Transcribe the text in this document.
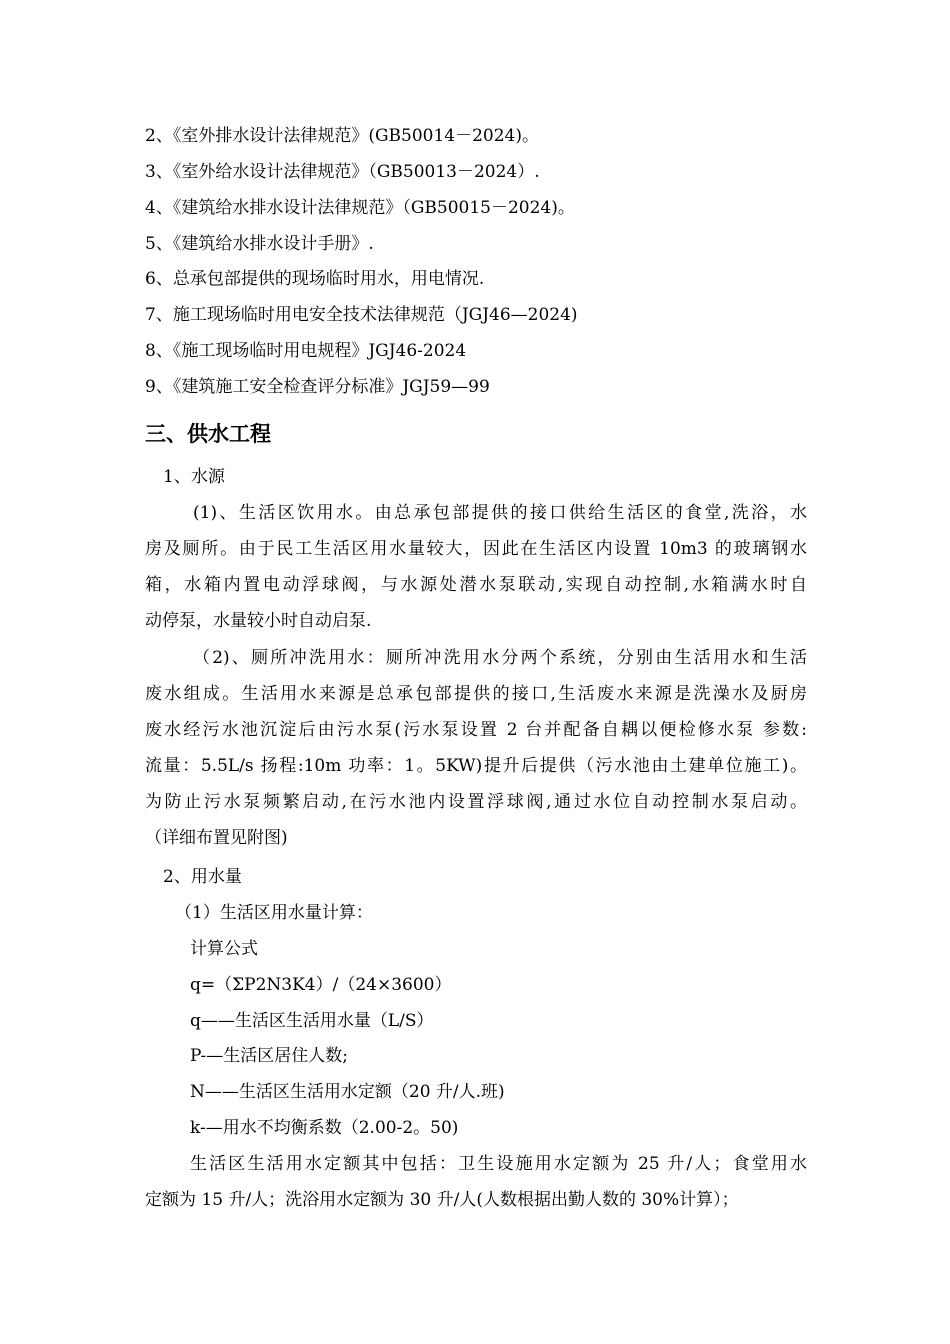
2、《室外排水设计法律规范》(GB50014－2024)。
3、《室外给水设计法律规范》（GB50013－2024）.
4、《建筑给水排水设计法律规范》（GB50015－2024)。
5、《建筑给水排水设计手册》.
6、总承包部提供的现场临时用水，用电情况.
7、施工现场临时用电安全技术法律规范（JGJ46—2024)
8、《施工现场临时用电规程》JGJ46-2024
9、《建筑施工安全检查评分标准》JGJ59—99
三、供水工程
1、水源
(1)、生活区饮用水。由总承包部提供的接口供给生活区的食堂,洗浴，水
房及厕所。由于民工生活区用水量较大，因此在生活区内设置 10m3 的玻璃钢水
箱，水箱内置电动浮球阀，与水源处潜水泵联动,实现自动控制,水箱满水时自
动停泵，水量较小时自动启泵.
（2)、厕所冲洗用水：厕所冲洗用水分两个系统，分别由生活用水和生活
废水组成。生活用水来源是总承包部提供的接口,生活废水来源是洗澡水及厨房
废水经污水池沉淀后由污水泵(污水泵设置 2 台并配备自耦以便检修水泵 参数:
流量：5.5L/s 扬程:10m 功率：1。5KW)提升后提供（污水池由土建单位施工)。
为防止污水泵频繁启动,在污水池内设置浮球阀,通过水位自动控制水泵启动。
（详细布置见附图)
2、用水量
（1）生活区用水量计算：
计算公式
q=（ΣP2N3K4）/（24×3600）
q——生活区生活用水量（L/S）
P-—生活区居住人数;
N——生活区生活用水定额（20 升/人.班)
k-—用水不均衡系数（2.00-2。50)
生活区生活用水定额其中包括：卫生设施用水定额为 25 升/人；食堂用水
定额为 15 升/人；洗浴用水定额为 30 升/人(人数根据出勤人数的 30%计算）；
